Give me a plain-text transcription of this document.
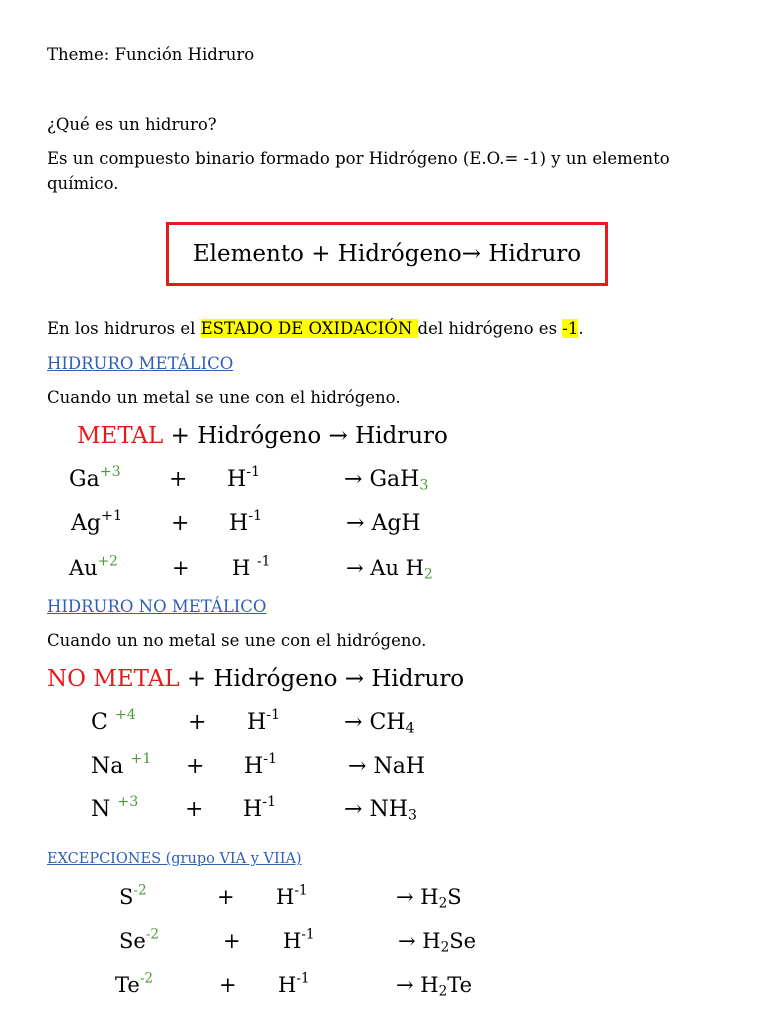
Theme: Función Hidruro
¿Qué es un hidruro?
Es un compuesto binario formado por Hidrógeno (E.O.= -1) y un elemento
químico.
Elemento + Hidrógeno→ Hidruro
En los hidruros el ESTADO DE OXIDACIÓN del hidrógeno es -1.
HIDRURO METÁLICO
Cuando un metal se une con el hidrógeno.
METAL + Hidrógeno → Hidruro
$Ga^{+3} + H^{-1}$	→ GaH$_3$
$Ag^{+1} + H^{-1}$	→ AgH
$Au^{+2}$	+ H $^{-1}$	→ Au $H_2$
HIDRURO NO METÁLICO
Cuando un no metal se une con el hidrógeno.
NO METAL + Hidrógeno → Hidruro
C $^{+4} + H^{-1}$	→ $CH_4$
Na $^{+1} + H^{-1}$	→ NaH
N $^{+3} + H^{-1}$	→ $NH_3$
EXCEPCIONES (grupo VIA y VIIA)
$S^{-2}$	+ $H^{-1}$	→ $H_2S$
$Se^{-2}$	+ $H^{-1}$	→ $H_2Se$
$Te^{-2}$	+ $H^{-1}$	→ $H_2Te$
